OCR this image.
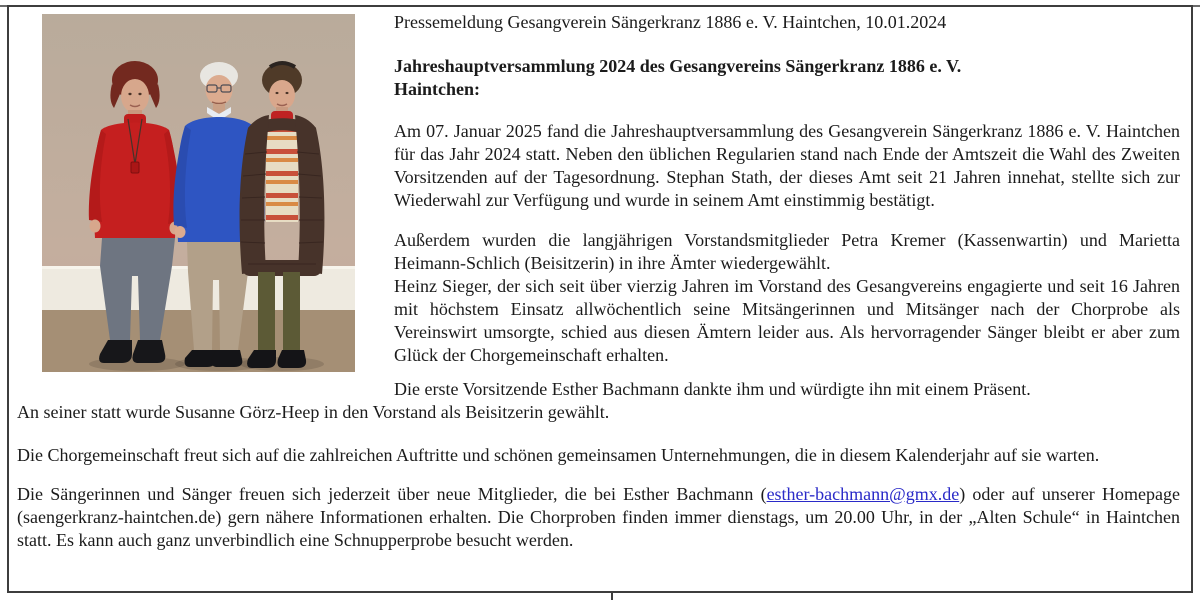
Pressemeldung Gesangverein Sängerkranz 1886 e. V. Haintchen, 10.01.2024
Jahreshauptversammlung 2024 des Gesangvereins Sängerkranz 1886 e. V.
Haintchen:
Am 07. Januar 2025 fand die Jahreshauptversammlung des Gesangverein Sängerkranz 1886 e. V. Haintchen für das Jahr 2024 statt. Neben den üblichen Regularien stand nach Ende der Amtszeit die Wahl des Zweiten Vorsitzenden auf der Tagesordnung. Stephan Stath, der dieses Amt seit 21 Jahren innehat, stellte sich zur Wiederwahl zur Verfügung und wurde in seinem Amt einstimmig bestätigt.
Außerdem wurden die langjährigen Vorstandsmitglieder Petra Kremer (Kassenwartin) und Marietta Heimann-Schlich (Beisitzerin) in ihre Ämter wiedergewählt.
Heinz Sieger, der sich seit über vierzig Jahren im Vorstand des Gesangvereins engagierte und seit 16 Jahren mit höchstem Einsatz allwöchentlich seine Mitsängerinnen und Mitsänger nach der Chorprobe als Vereinswirt umsorgte, schied aus diesen Ämtern leider aus. Als hervorragender Sänger bleibt er aber zum Glück der Chorgemeinschaft erhalten.
Die erste Vorsitzende Esther Bachmann dankte ihm und würdigte ihn mit einem Präsent.
An seiner statt wurde Susanne Görz-Heep in den Vorstand als Beisitzerin gewählt.
Die Chorgemeinschaft freut sich auf die zahlreichen Auftritte und schönen gemeinsamen Unternehmungen, die in diesem Kalenderjahr auf sie warten.
Die Sängerinnen und Sänger freuen sich jederzeit über neue Mitglieder, die bei Esther Bachmann (esther-bachmann@gmx.de) oder auf unserer Homepage (saengerkranz-haintchen.de) gern nähere Informationen erhalten. Die Chorproben finden immer dienstags, um 20.00 Uhr, in der „Alten Schule“ in Haintchen statt. Es kann auch ganz unverbindlich eine Schnupperprobe besucht werden.
